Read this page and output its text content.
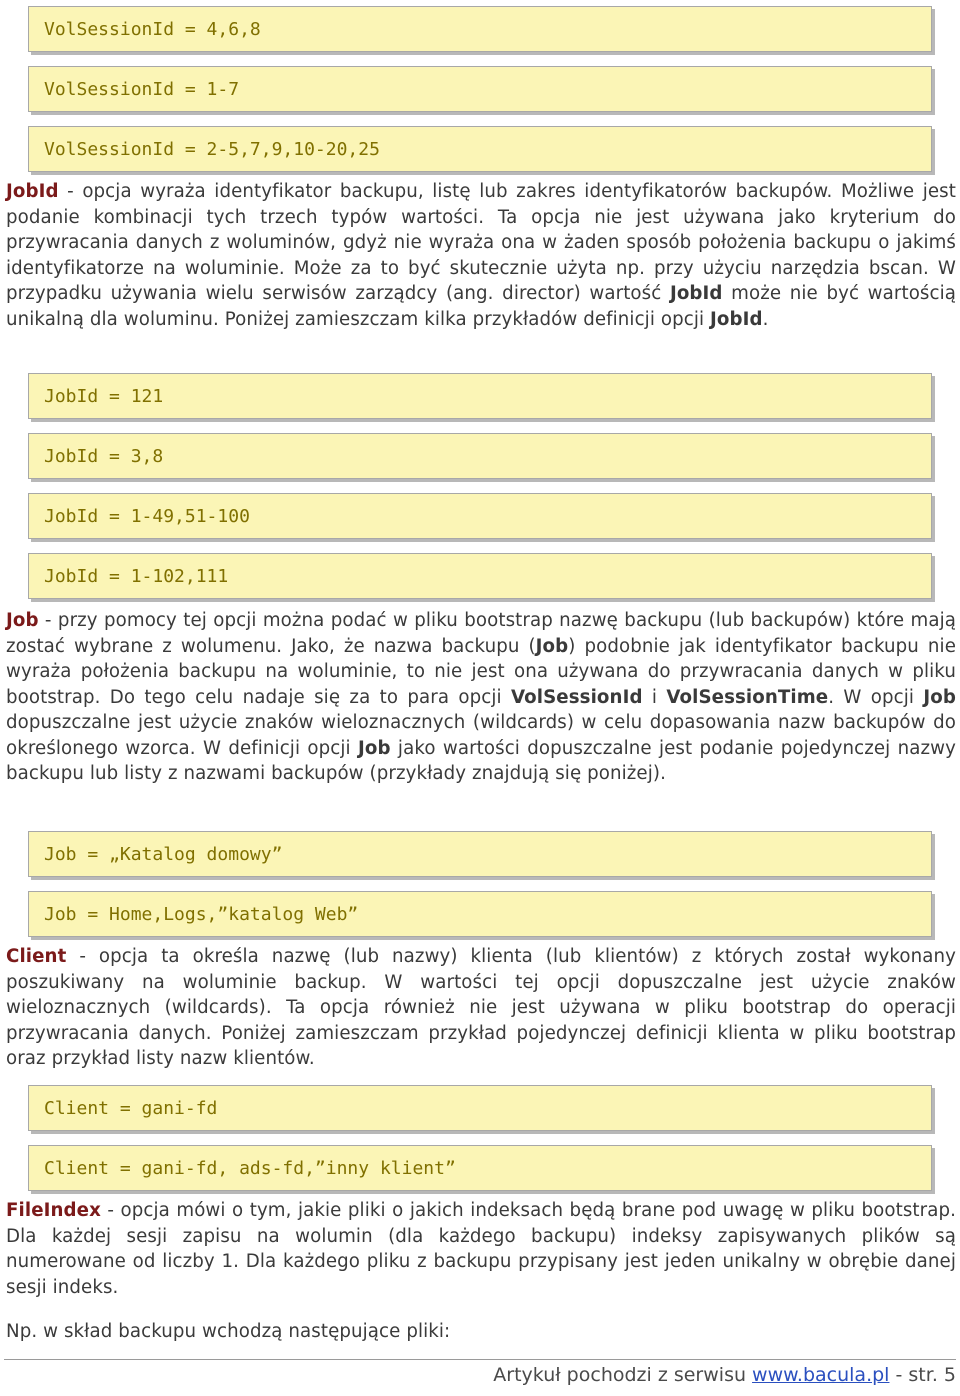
VolSessionId = 4,6,8
VolSessionId = 1-7
VolSessionId = 2-5,7,9,10-20,25

JobId - opcja wyraża identyfikator backupu, listę lub zakres identyfikatorów backupów. Możliwe jest podanie kombinacji tych trzech typów wartości. Ta opcja nie jest używana jako kryterium do przywracania danych z woluminów, gdyż nie wyraża ona w żaden sposób położenia backupu o jakimś identyfikatorze na woluminie. Może za to być skutecznie użyta np. przy użyciu narzędzia bscan. W przypadku używania wielu serwisów zarządcy (ang. director) wartość JobId może nie być wartością unikalną dla woluminu. Poniżej zamieszczam kilka przykładów definicji opcji JobId.

JobId = 121
JobId = 3,8
JobId = 1-49,51-100
JobId = 1-102,111

Job - przy pomocy tej opcji można podać w pliku bootstrap nazwę backupu (lub backupów) które mają zostać wybrane z wolumenu. Jako, że nazwa backupu (Job) podobnie jak identyfikator backupu nie wyraża położenia backupu na woluminie, to nie jest ona używana do przywracania danych w pliku bootstrap. Do tego celu nadaje się za to para opcji VolSessionId i VolSessionTime. W opcji Job dopuszczalne jest użycie znaków wieloznacznych (wildcards) w celu dopasowania nazw backupów do określonego wzorca. W definicji opcji Job jako wartości dopuszczalne jest podanie pojedynczej nazwy backupu lub listy z nazwami backupów (przykłady znajdują się poniżej).

Job = „Katalog domowy”
Job = Home,Logs,”katalog Web”

Client - opcja ta określa nazwę (lub nazwy) klienta (lub klientów) z których został wykonany poszukiwany na woluminie backup. W wartości tej opcji dopuszczalne jest użycie znaków wieloznacznych (wildcards). Ta opcja również nie jest używana w pliku bootstrap do operacji przywracania danych. Poniżej zamieszczam przykład pojedynczej definicji klienta w pliku bootstrap oraz przykład listy nazw klientów.

Client = gani-fd
Client = gani-fd, ads-fd,”inny klient”

FileIndex - opcja mówi o tym, jakie pliki o jakich indeksach będą brane pod uwagę w pliku bootstrap. Dla każdej sesji zapisu na wolumin (dla każdego backupu) indeksy zapisywanych plików są numerowane od liczby 1. Dla każdego pliku z backupu przypisany jest jeden unikalny w obrębie danej sesji indeks.

Np. w skład backupu wchodzą następujące pliki:

Artykuł pochodzi z serwisu www.bacula.pl - str. 5
